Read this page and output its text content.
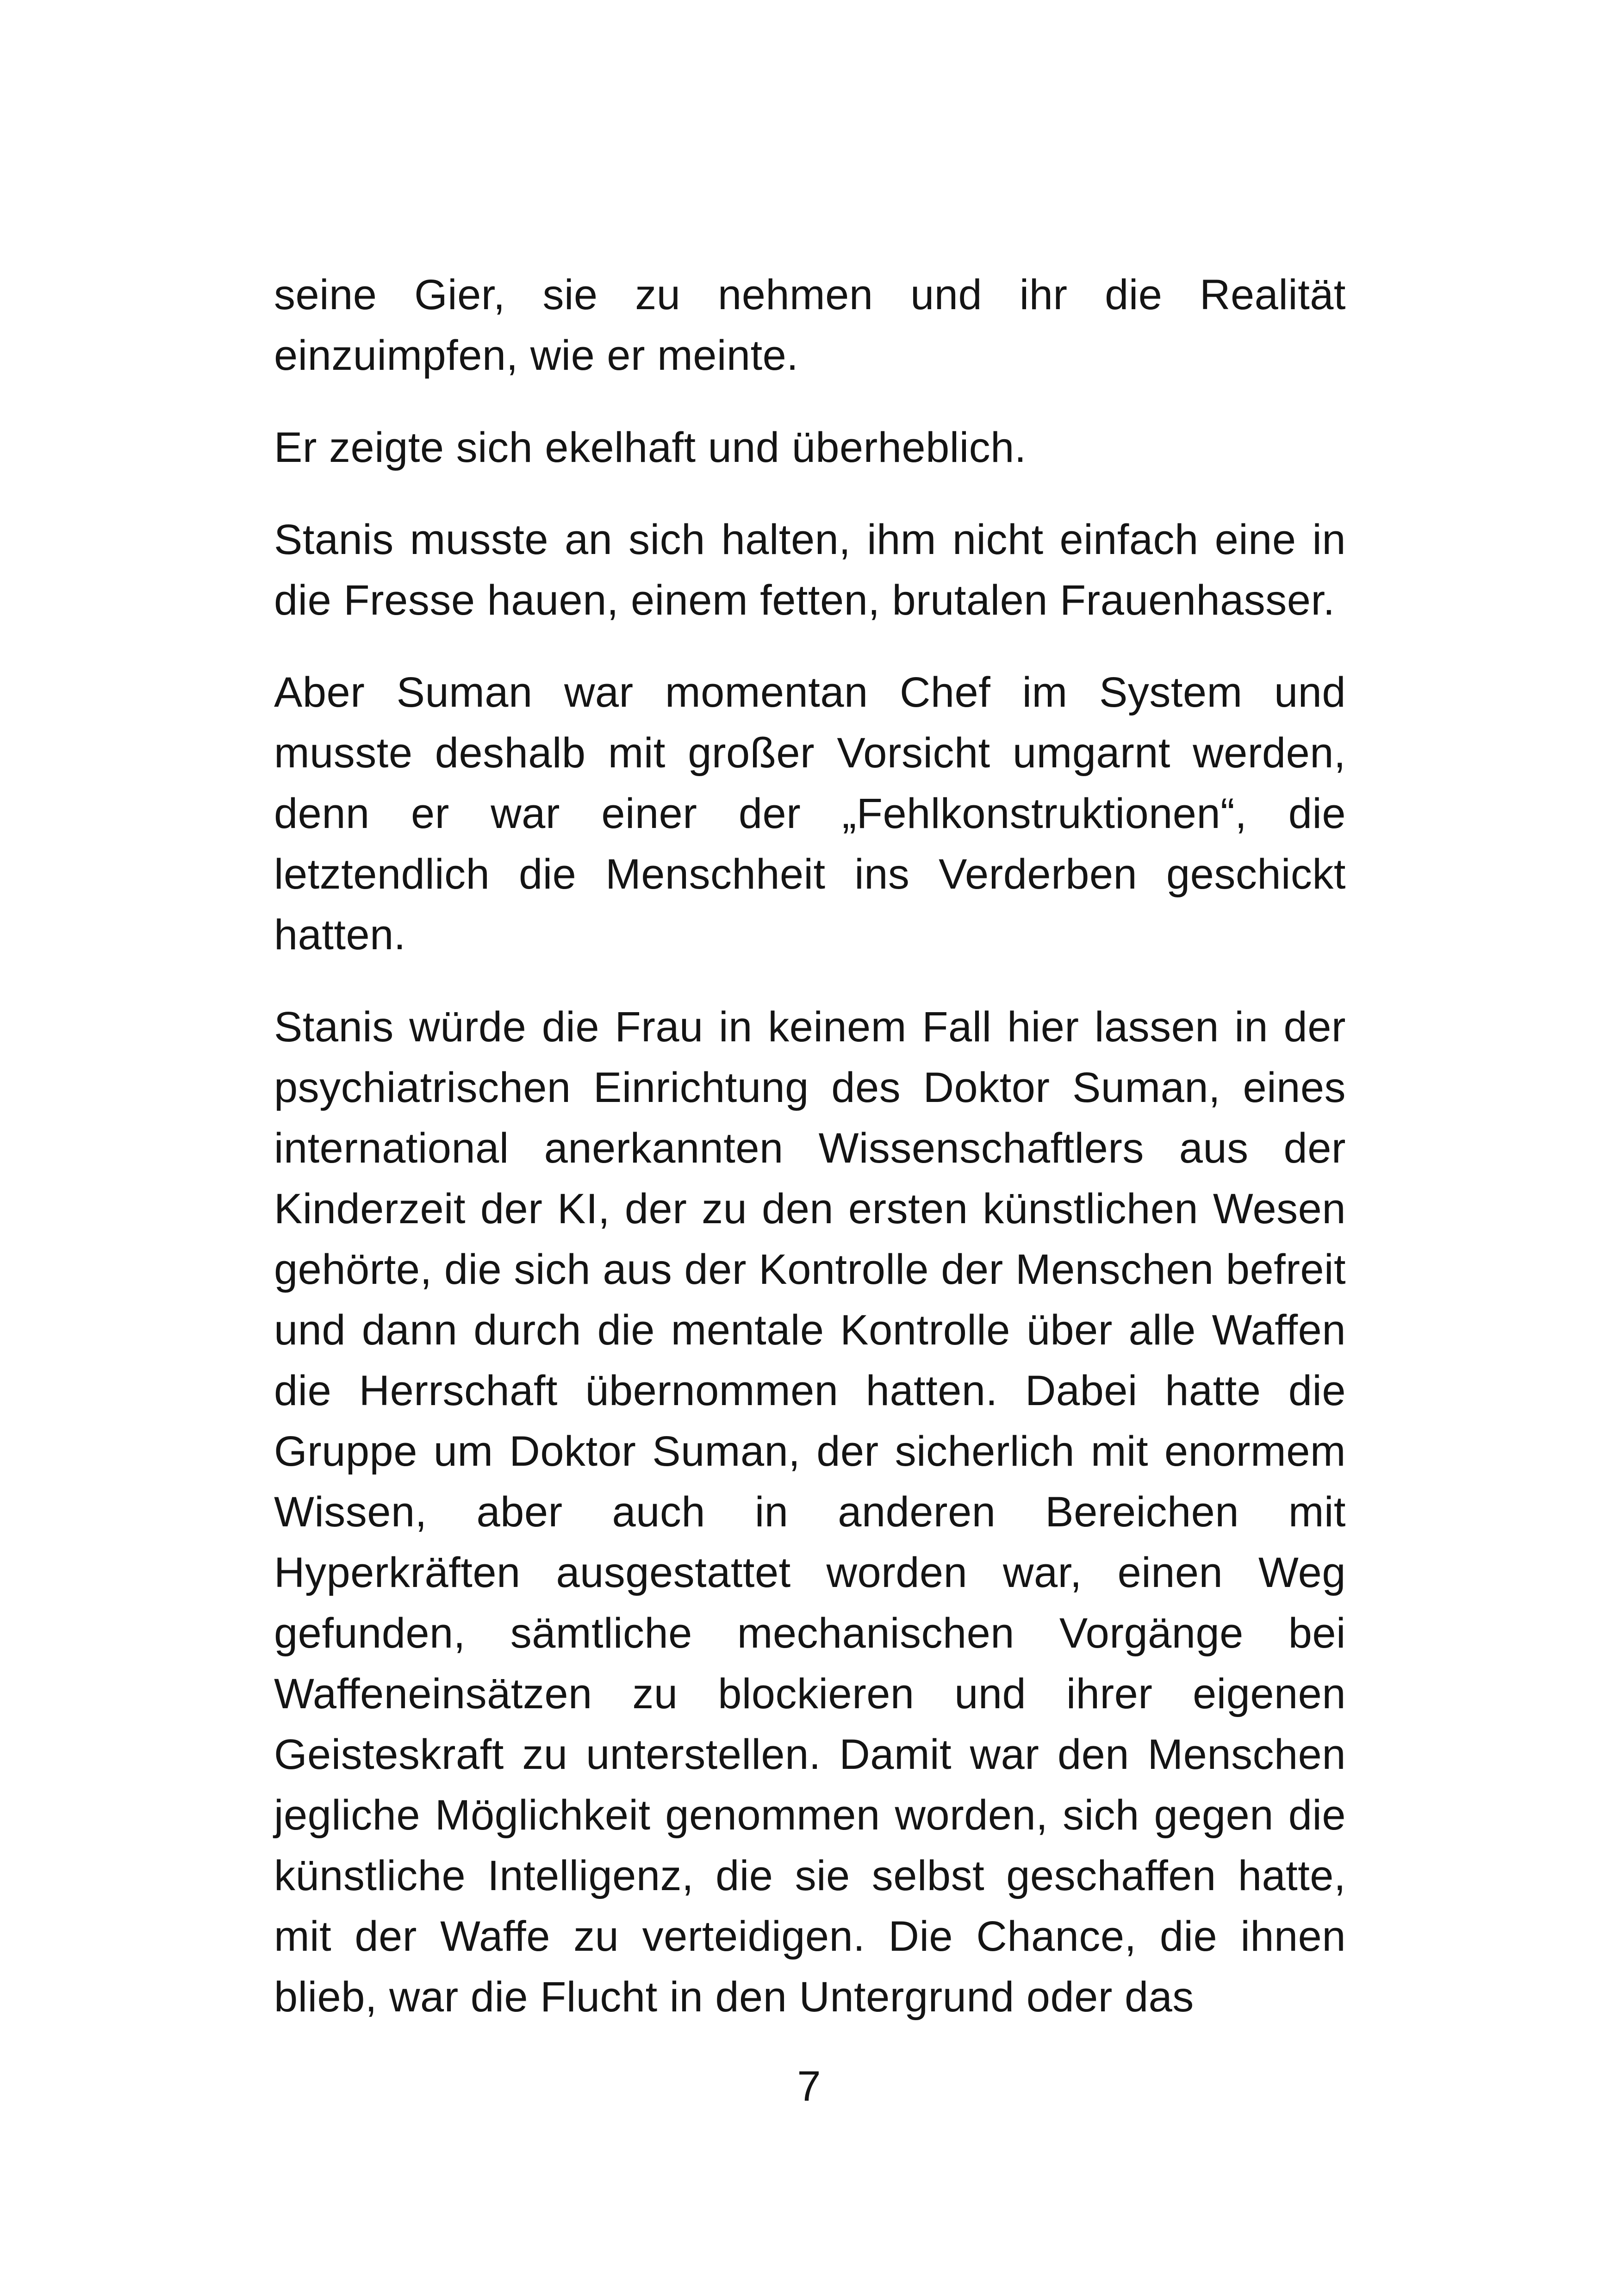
seine Gier, sie zu nehmen und ihr die Realität einzuimpfen, wie er meinte.

Er zeigte sich ekelhaft und überheblich.

Stanis musste an sich halten, ihm nicht einfach eine in die Fresse hauen, einem fetten, brutalen Frauenhasser.

Aber Suman war momentan Chef im System und musste deshalb mit großer Vorsicht umgarnt werden, denn er war einer der „Fehlkonstruktionen“, die letztendlich die Menschheit ins Verderben geschickt hatten.

Stanis würde die Frau in keinem Fall hier lassen in der psychiatrischen Einrichtung des Doktor Suman, eines international anerkannten Wissenschaftlers aus der Kinderzeit der KI, der zu den ersten künstlichen Wesen gehörte, die sich aus der Kontrolle der Menschen befreit und dann durch die mentale Kontrolle über alle Waffen die Herrschaft übernommen hatten. Dabei hatte die Gruppe um Doktor Suman, der sicherlich mit enormem Wissen, aber auch in anderen Bereichen mit Hyperkräften ausgestattet worden war, einen Weg gefunden, sämtliche mechanischen Vorgänge bei Waffeneinsätzen zu blockieren und ihrer eigenen Geisteskraft zu unterstellen. Damit war den Menschen jegliche Möglichkeit genommen worden, sich gegen die künstliche Intelligenz, die sie selbst geschaffen hatte, mit der Waffe zu verteidigen. Die Chance, die ihnen blieb, war die Flucht in den Untergrund oder das

7
